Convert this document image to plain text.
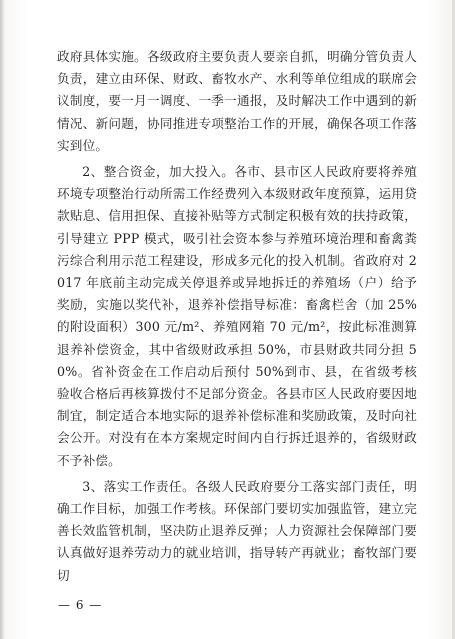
政府具体实施。各级政府主要负责人要亲自抓，明确分管负责人负责，建立由环保、财政、畜牧水产、水利等单位组成的联席会议制度，要一月一调度、一季一通报，及时解决工作中遇到的新情况、新问题，协同推进专项整治工作的开展，确保各项工作落实到位。

2、整合资金，加大投入。各市、县市区人民政府要将养殖环境专项整治行动所需工作经费列入本级财政年度预算，运用贷款贴息、信用担保、直接补贴等方式制定积极有效的扶持政策，引导建立 PPP 模式，吸引社会资本参与养殖环境治理和畜禽粪污综合利用示范工程建设，形成多元化的投入机制。省政府对 2017 年底前主动完成关停退养或异地拆迁的养殖场（户）给予奖励，实施以奖代补，退养补偿指导标准：畜禽栏舍（加 25%的附设面积）300 元/m²、养殖网箱 70 元/m²，按此标准测算退养补偿资金，其中省级财政承担 50%，市县财政共同分担 50%。省补资金在工作启动后预付 50%到市、县，在省级考核验收合格后再核算拨付不足部分资金。各县市区人民政府要因地制宜，制定适合本地实际的退养补偿标准和奖励政策，及时向社会公开。对没有在本方案规定时间内自行拆迁退养的，省级财政不予补偿。

3、落实工作责任。各级人民政府要分工落实部门责任，明确工作目标，加强工作考核。环保部门要切实加强监管，建立完善长效监管机制，坚决防止退养反弹；人力资源社会保障部门要认真做好退养劳动力的就业培训，指导转产再就业；畜牧部门要切

— 6 —
